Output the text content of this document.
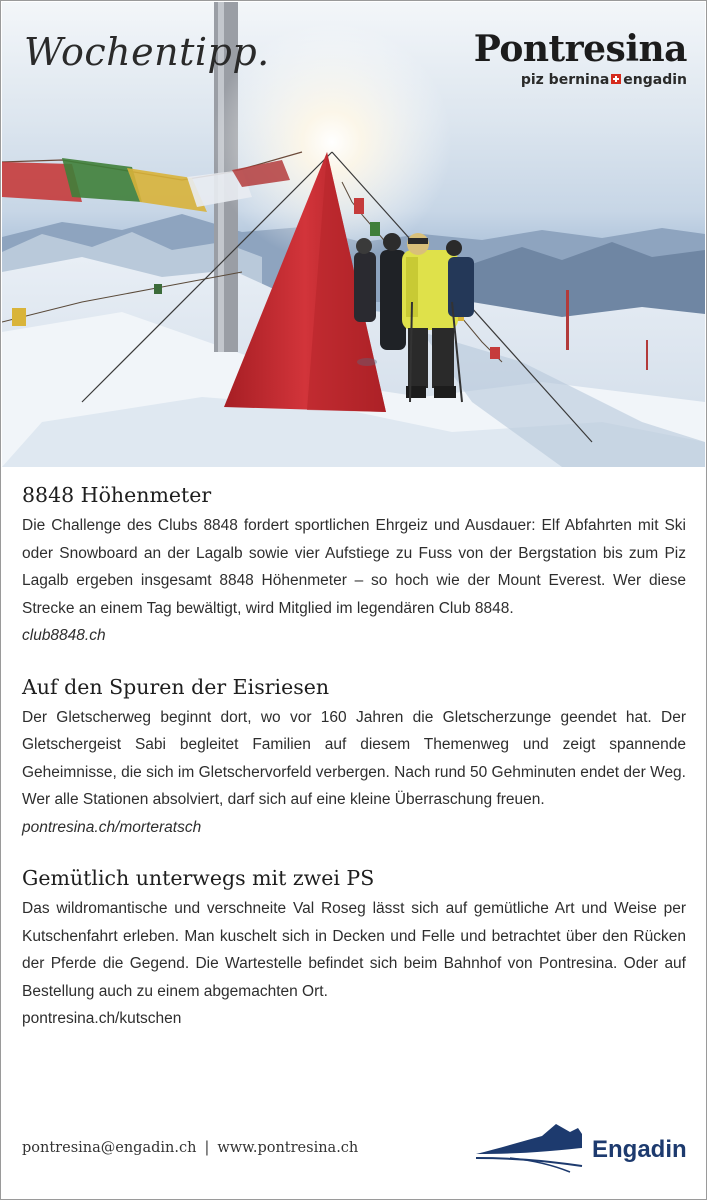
Wochentipp.	Pontresina
piz bernina engadin
8848 Höhenmeter

Die Challenge des Clubs 8848 fordert sportlichen Ehrgeiz und Ausdauer: Elf Abfahrten mit Ski oder Snowboard an der Lagalb sowie vier Aufstiege zu Fuss von der Bergstation bis zum Piz Lagalb ergeben insgesamt 8848 Höhenmeter – so hoch wie der Mount Everest. Wer diese Strecke an einem Tag bewältigt, wird Mitglied im legendären Club 8848.

club8848.ch
Auf den Spuren der Eisriesen

Der Gletscherweg beginnt dort, wo vor 160 Jahren die Gletscherzunge geendet hat. Der Gletschergeist Sabi begleitet Familien auf diesem Themenweg und zeigt spannende Geheimnisse, die sich im Gletschervorfeld verbergen. Nach rund 50 Gehminuten endet der Weg. Wer alle Stationen absolviert, darf sich auf eine kleine Überraschung freuen.

pontresina.ch/morteratsch
Gemütlich unterwegs mit zwei PS

Das wildromantische und verschneite Val Roseg lässt sich auf gemütliche Art und Weise per Kutschenfahrt erleben. Man kuschelt sich in Decken und Felle und betrachtet über den Rücken der Pferde die Gegend. Die Wartestelle befindet sich beim Bahnhof von Pontresina. Oder auf Bestellung auch zu einem abgemachten Ort.

pontresina.ch/kutschen
pontresina@engadin.ch | www.pontresina.ch	Engadin
